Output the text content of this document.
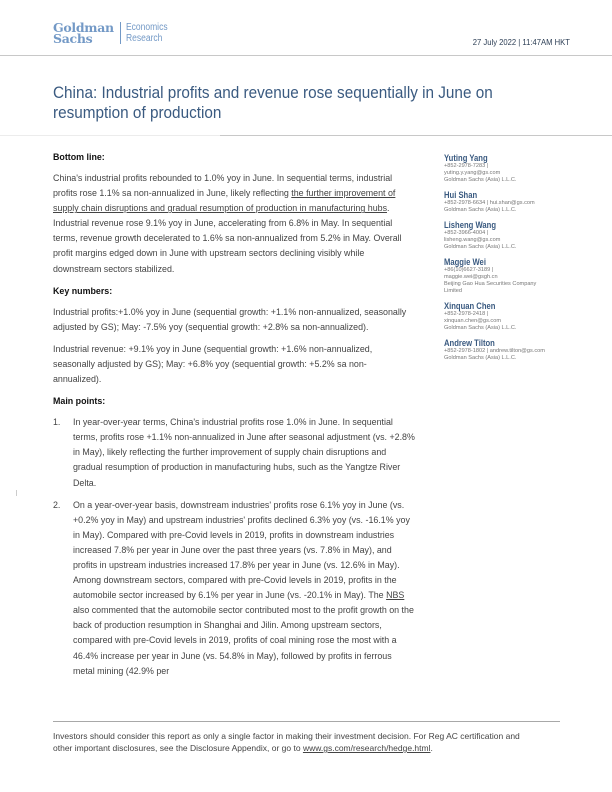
Goldman
Sachs
Economics
Research	27 July 2022 | 11:47AM HKT
China: Industrial profits and revenue rose sequentially in June on resumption of production
Bottom line:

China's industrial profits rebounded to 1.0% yoy in June. In sequential terms, industrial profits rose 1.1% sa non-annualized in June, likely reflecting the further improvement of supply chain disruptions and gradual resumption of production in manufacturing hubs. Industrial revenue rose 9.1% yoy in June, accelerating from 6.8% in May. In sequential terms, revenue growth decelerated to 1.6% sa non-annualized from 5.2% in May. Overall profit margins edged down in June with upstream sectors declining visibly while downstream sectors stabilized.

Key numbers:

Industrial profits:+1.0% yoy in June (sequential growth: +1.1% non-annualized, seasonally adjusted by GS); May: -7.5% yoy (sequential growth: +2.8% sa non-annualized).

Industrial revenue: +9.1% yoy in June (sequential growth: +1.6% non-annualized, seasonally adjusted by GS); May: +6.8% yoy (sequential growth: +5.2% sa non-annualized).

Main points:
1. In year-over-year terms, China's industrial profits rose 1.0% in June. In sequential terms, profits rose +1.1% non-annualized in June after seasonal adjustment (vs. +2.8% in May), likely reflecting the further improvement of supply chain disruptions and gradual resumption of production in manufacturing hubs, such as the Yangtze River Delta.
2. On a year-over-year basis, downstream industries' profits rose 6.1% yoy in June (vs. +0.2% yoy in May) and upstream industries' profits declined 6.3% yoy (vs. -16.1% yoy in May). Compared with pre-Covid levels in 2019, profits in downstream industries increased 7.8% per year in June over the past three years (vs. 7.8% in May), and profits in upstream industries increased 17.8% per year in June (vs. 12.6% in May). Among downstream sectors, compared with pre-Covid levels in 2019, profits in the automobile sector increased by 6.1% per year in June (vs. -20.1% in May). The NBS also commented that the automobile sector contributed most to the profit growth on the back of production resumption in Shanghai and Jilin. Among upstream sectors, compared with pre-Covid levels in 2019, profits of coal mining rose the most with a 46.4% increase per year in June (vs. 54.8% in May), followed by profits in ferrous metal mining (42.9% per
Yuting Yang
+852-2978-7283 |
yuting.y.yang@gs.com
Goldman Sachs (Asia) L.L.C.
Hui Shan
+852-2978-6634 | hui.shan@gs.com
Goldman Sachs (Asia) L.L.C.
Lisheng Wang
+852-3966-4004 |
lisheng.wang@gs.com
Goldman Sachs (Asia) L.L.C.
Maggie Wei
+86(10)6627-3189 |
maggie.wei@gsgh.cn
Beijing Gao Hua Securities Company
Limited
Xinquan Chen
+852-2978-2418 |
xinquan.chen@gs.com
Goldman Sachs (Asia) L.L.C.
Andrew Tilton
+852-2978-1802 | andrew.tilton@gs.com
Goldman Sachs (Asia) L.L.C.
Investors should consider this report as only a single factor in making their investment decision. For Reg AC certification and other important disclosures, see the Disclosure Appendix, or go to www.gs.com/research/hedge.html.
